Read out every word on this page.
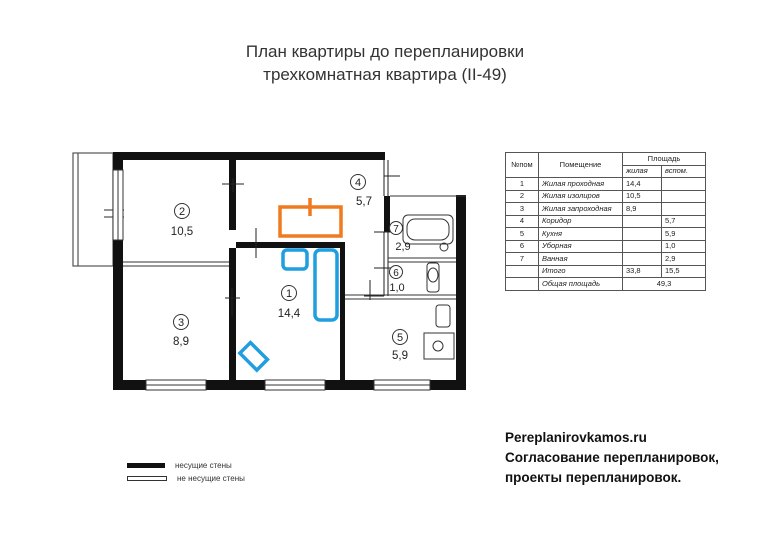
План квартиры до перепланировки
трехкомнатная квартира (II-49)
1
14,4
2
10,5
3
8,9
4
5,7
5
5,9
6
1,0
7
2,9
№пом	Помещение	Площадь	
		жилая	вспом.
1	Жилая проходная	14,4	
2	Жилая изолиров	10,5	
3	Жилая запроходная	8,9	
4	Коридор		5,7
5	Кухня		5,9
6	Уборная		1,0
7	Ванная		2,9
	Итого	33,8	15,5
	Общая площадь	49,3	
Pereplanirovkamos.ru
Согласование перепланировок,
проекты перепланировок.
несущие стены
не несущие стены
